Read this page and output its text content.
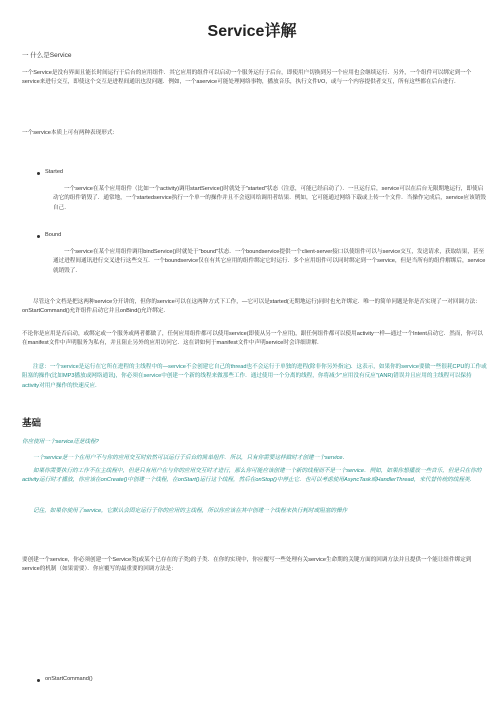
Service详解
一 什么是Service

一个Service是没有界面且能长时间运行于后台的应用组件．其它应用的组件可以启动一个服务运行于后台，即使用户切换到另一个应用也会继续运行．另外，一个组件可以绑定到一个service来进行交互，即使这个交互是进程间通讯也没问题．例如，一个aservice可能处理网络事物，播放音乐，执行文件I/O，或与一个内容提供者交互，所有这些都在后台进行．

一个service本质上可有两种表现形式：

Started

一个service在某个应用组件（比如一个activity)调用startService()时就处于"started"状态（注意，可能已经启动了）．一旦运行后，service可以在后台无限期地运行，即使启动它的组件销毁了．通常地，一个startedservice执行一个单一的操作并且不会返回给调用者结果．例如，它可能通过网络下载或上传一个文件．当操作完成后，service应该销毁自己．

Bound

一个service在某个应用组件调用bindService()时就处于"bound"状态．一个boundservice提供一个client-server接口以使组件可以与service交互，发送请求，获取结果，甚至通过进程间通讯进行交叉进行这些交互．一个boundservice仅在有其它应用的组件绑定它时运行．多个应用组件可以同时绑定到一个service，但是当所有的组件解绑后，service就销毁了．

尽管这个文档是把这两种service分开讲的，但你的service可以在这两种方式下工作，—它可以是started(无期地运行)同时也允许绑定．唯一的简单问题是你是否实现了一对回调方法：onStartCommand()允许组件启动它并且onBind()允许绑定．

不论你是应用是否启动，或绑定或一个服务或两者都做了，任何应用组件都可以使用service(即使从另一个应用)，跟任何组件都可以使用activity一样—通过一个Intent启动它．然而，你可以在manifest文件中声明服务为私有，并且阻止另外的应用访问它．这在讲如何于manifest文件中声明service时会详细讲解．

注意：一个service是运行在它所在进程的主线程中的—service不会创建它自己的thread也不会运行于单独的进程(除非你另外指定)．这表示，如果你的service要做一些很耗CPU的工作或阻塞的操作(比如MP3播放或网络通讯)，你必须在service中创建一个新的线程来做那些工作．通过使用一个分离的线程，你将减少"应用没有反应"(ANR)错误并且应用的主线程可以保持activity对用户操作的快速反应．

基础

你应使用一个service还是线程?

一个service是一个在用户不与你的应用交互时依然可以运行于后台的简单组件．所以，只有你需要这样做时才创建一个service．

如果你需要执行的工作不在主线程中，但是只有用户在与你的应用交互时才进行，那么你可能应该创建一个新的线程而不是一个service．例如，如果你想播放一些音乐，但是只在你的activity运行时才播放，你应该在onCreate()中创建一个线程，在onStart()运行这个线程，然后在onStop()中停止它．也可以考虑使用AsyncTask或HandlerThread，来代替传统的线程类．

记住，如果你使用了service，它默认会固定运行于你的应用的主线程，所以你应该在其中创建一个线程来执行耗时或阻塞的操作

要创建一个service，你必须创建一个Service类(或某个已存在的子类)的子类．在你的实现中，你应覆写一些处理有关service生命期的关键方面的回调方法并且提供一个能让组件绑定到service的机制（如果需要）．你应覆写的最重要的回调方法是：

onStartCommand()
